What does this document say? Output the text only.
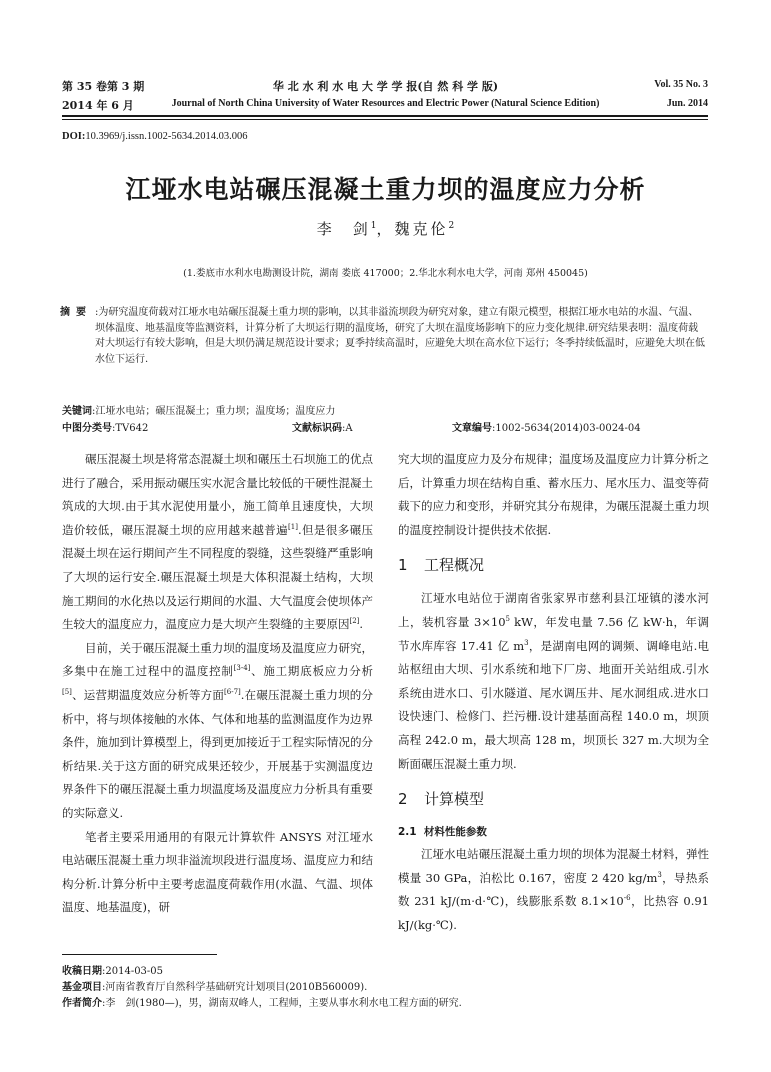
第 35 卷第 3 期	华 北 水 利 水 电 大 学 学 报(自 然 科 学 版)	Vol. 35 No. 3
2014 年 6 月	Journal of North China University of Water Resources and Electric Power (Natural Science Edition)	Jun. 2014
DOI:10.3969/j.issn.1002-5634.2014.03.006
江垭水电站碾压混凝土重力坝的温度应力分析
李　剑$^1$，魏克伦$^2$
(1.娄底市水利水电勘测设计院，湖南 娄底 417000；2.华北水利水电大学，河南 郑州 450045)
摘要 :为研究温度荷载对江垭水电站碾压混凝土重力坝的影响，以其非溢流坝段为研究对象，建立有限元模型，根据江垭水电站的水温、气温、坝体温度、地基温度等监测资料，计算分析了大坝运行期的温度场，研究了大坝在温度场影响下的应力变化规律.研究结果表明：温度荷载对大坝运行有较大影响，但是大坝仍满足规范设计要求；夏季持续高温时，应避免大坝在高水位下运行；冬季持续低温时，应避免大坝在低水位下运行.
关键词:江垭水电站；碾压混凝土；重力坝；温度场；温度应力
中图分类号:TV642	文献标识码:A	文章编号:1002-5634(2014)03-0024-04

碾压混凝土坝是将常态混凝土坝和碾压土石坝施工的优点进行了融合，采用振动碾压实水泥含量比较低的干硬性混凝土筑成的大坝.由于其水泥使用量小，施工简单且速度快，大坝造价较低，碾压混凝土坝的应用越来越普遍[1].但是很多碾压混凝土坝在运行期间产生不同程度的裂缝，这些裂缝严重影响了大坝的运行安全.碾压混凝土坝是大体积混凝土结构，大坝施工期间的水化热以及运行期间的水温、大气温度会使坝体产生较大的温度应力，温度应力是大坝产生裂缝的主要原因[2].

目前，关于碾压混凝土重力坝的温度场及温度应力研究，多集中在施工过程中的温度控制[3-4]、施工期底板应力分析[5]、运营期温度效应分析等方面[6-7].在碾压混凝土重力坝的分析中，将与坝体接触的水体、气体和地基的监测温度作为边界条件，施加到计算模型上，得到更加接近于工程实际情况的分析结果.关于这方面的研究成果还较少，开展基于实测温度边界条件下的碾压混凝土重力坝温度场及温度应力分析具有重要的实际意义.

笔者主要采用通用的有限元计算软件 ANSYS 对江垭水电站碾压混凝土重力坝非溢流坝段进行温度场、温度应力和结构分析.计算分析中主要考虑温度荷载作用(水温、气温、坝体温度、地基温度)，研

究大坝的温度应力及分布规律；温度场及温度应力计算分析之后，计算重力坝在结构自重、蓄水压力、尾水压力、温变等荷载下的应力和变形，并研究其分布规律，为碾压混凝土重力坝的温度控制设计提供技术依据.

1 工程概况

江垭水电站位于湖南省张家界市慈利县江垭镇的溇水河上，装机容量 $3\times 10^5$ kW，年发电量 7.56 亿 kW·h，年调节水库库容 17.41 亿 $m^3$，是湖南电网的调频、调峰电站.电站枢纽由大坝、引水系统和地下厂房、地面开关站组成.引水系统由进水口、引水隧道、尾水调压井、尾水洞组成.进水口设快速门、检修门、拦污栅.设计建基面高程 140.0 m，坝顶高程 242.0 m，最大坝高 128 m，坝顶长 327 m.大坝为全断面碾压混凝土重力坝.

2 计算模型
2.1 材料性能参数

江垭水电站碾压混凝土重力坝的坝体为混凝土材料，弹性模量 30 GPa，泊松比 0.167，密度 2 420 $kg/m^3$，导热系数 231 kJ/(m·d·℃)，线膨胀系数 $8.1\times 10^{-6}$，比热容 0.91 kJ/(kg·℃).

收稿日期:2014-03-05
基金项目:河南省教育厅自然科学基础研究计划项目(2010B560009).
作者简介:李　剑(1980—)，男，湖南双峰人，工程师，主要从事水利水电工程方面的研究.
